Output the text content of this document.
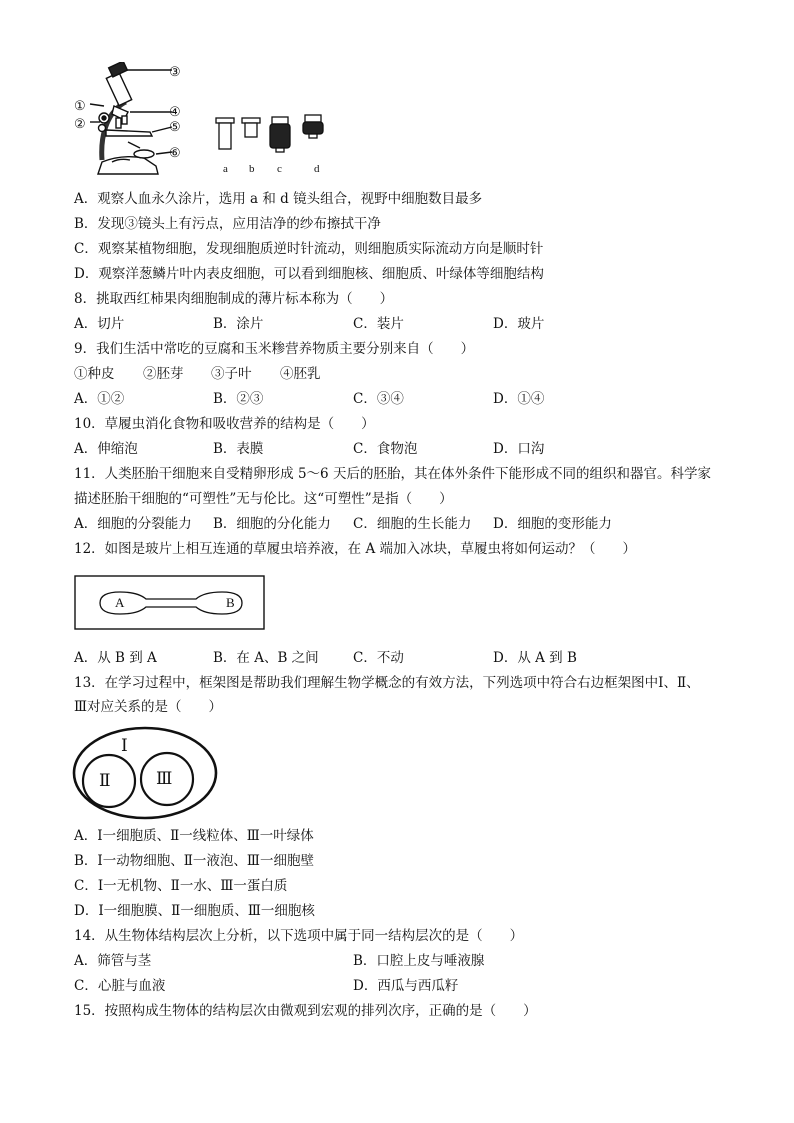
③
①	④
②	⑤
⑥
a b c	d
A．观察人血永久涂片，选用 a 和 d 镜头组合，视野中细胞数目最多
B．发现③镜头上有污点，应用洁净的纱布擦拭干净
C．观察某植物细胞，发现细胞质逆时针流动，则细胞质实际流动方向是顺时针
D．观察洋葱鳞片叶内表皮细胞，可以看到细胞核、细胞质、叶绿体等细胞结构
8．挑取西红柿果肉细胞制成的薄片标本称为（　　）
A．切片	B．涂片	C．装片	D．玻片
9．我们生活中常吃的豆腐和玉米糁营养物质主要分别来自（　　）
①种皮 ②胚芽 ③子叶 ④胚乳
A．①②	B．②③	C．③④	D．①④
10．草履虫消化食物和吸收营养的结构是（　　）
A．伸缩泡	B．表膜	C．食物泡	D．口沟
11．人类胚胎干细胞来自受精卵形成 5～6 天后的胚胎，其在体外条件下能形成不同的组织和器官。科学家
描述胚胎干细胞的“可塑性”无与伦比。这“可塑性”是指（　　）
A．细胞的分裂能力 B．细胞的分化能力 C．细胞的生长能力 D．细胞的变形能力
12．如图是玻片上相互连通的草履虫培养液，在 A 端加入冰块，草履虫将如何运动？（　　）
A	B
A．从 B 到 A	B．在 A、B 之间	C．不动	D．从 A 到 B
13．在学习过程中，框架图是帮助我们理解生物学概念的有效方法，下列选项中符合右边框架图中Ⅰ、Ⅱ、
Ⅲ对应关系的是（　　）
Ⅰ
Ⅱ	Ⅲ
A．Ⅰ一细胞质、Ⅱ一线粒体、Ⅲ一叶绿体
B．Ⅰ一动物细胞、Ⅱ一液泡、Ⅲ一细胞壁
C．Ⅰ一无机物、Ⅱ一水、Ⅲ一蛋白质
D．Ⅰ一细胞膜、Ⅱ一细胞质、Ⅲ一细胞核
14．从生物体结构层次上分析，以下选项中属于同一结构层次的是（　　）
A．筛管与茎	B．口腔上皮与唾液腺
C．心脏与血液	D．西瓜与西瓜籽
15．按照构成生物体的结构层次由微观到宏观的排列次序，正确的是（　　）
